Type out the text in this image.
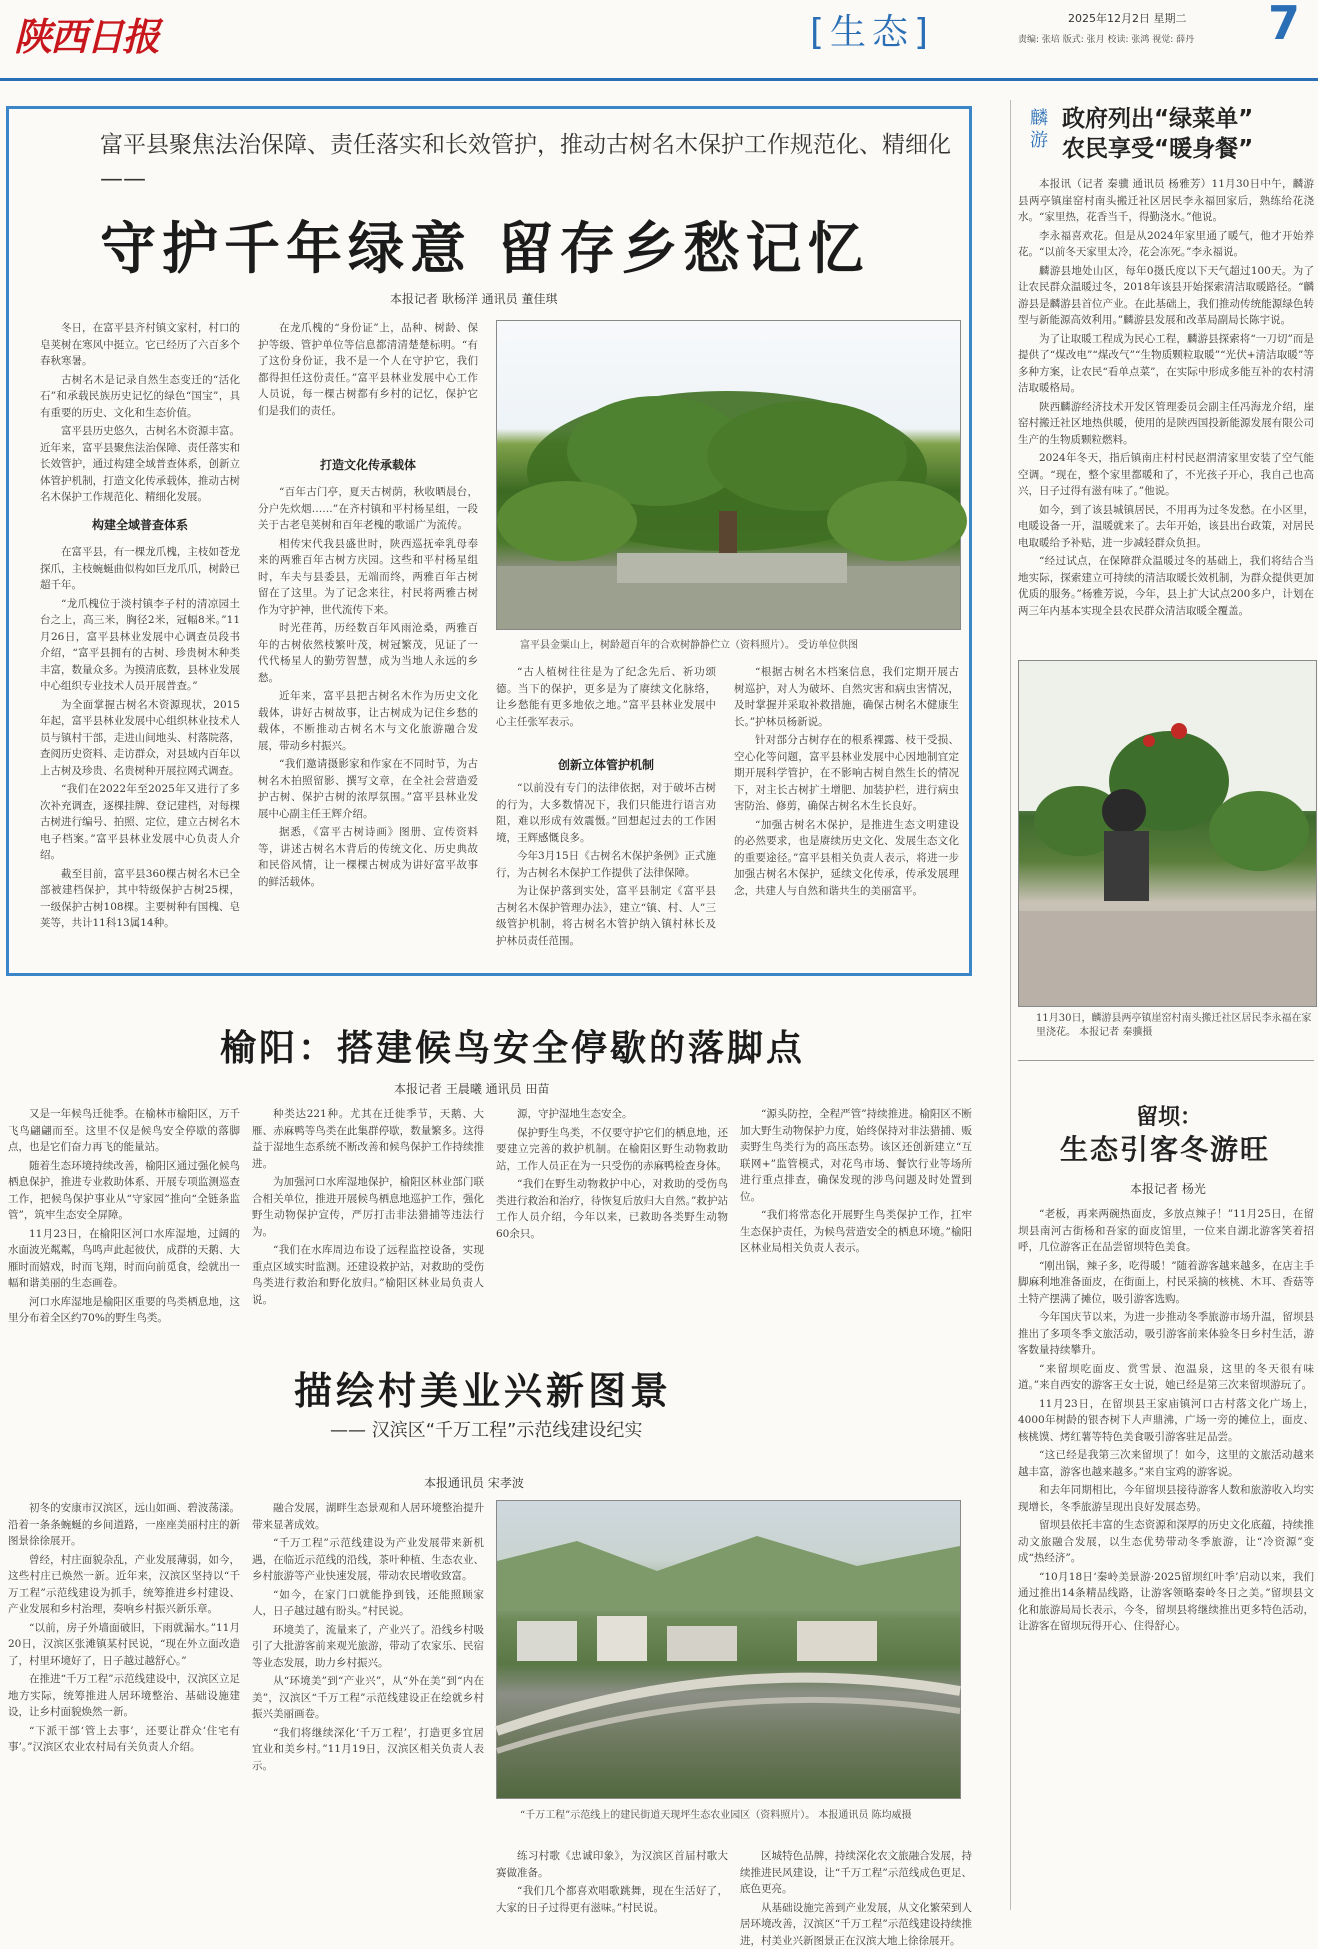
陕西日报	[生态]	2025年12月2日 星期二
责编: 张培 版式: 张月 校读: 张鸿 视觉: 薛丹 7
富平县聚焦法治保障、责任落实和长效管护，推动古树名木保护工作规范化、精细化 ——
守护千年绿意 留存乡愁记忆
本报记者 耿杨洋 通讯员 董佳琪

冬日，在富平县齐村镇文家村，村口的皂荚树在寒风中挺立。它已经历了六百多个春秋寒暑。

古树名木是记录自然生态变迁的“活化石”和承载民族历史记忆的绿色“国宝”，具有重要的历史、文化和生态价值。

富平县历史悠久，古树名木资源丰富。近年来，富平县聚焦法治保障、责任落实和长效管护，通过构建全域普查体系，创新立体管护机制，打造文化传承载体，推动古树名木保护工作规范化、精细化发展。

构建全域普查体系

在富平县，有一棵龙爪槐，主枝如苍龙探爪，主枝蜿蜒曲似构如巨龙爪爪，树龄已超千年。

“龙爪槐位于淡村镇李子村的清凉园土台之上，高三米，胸径2米，冠幅8米。”11月26日，富平县林业发展中心调查员段书介绍，“富平县拥有的古树、珍贵树木种类丰富，数量众多。为摸清底数，县林业发展中心组织专业技术人员开展普查。”

为全面掌握古树名木资源现状，2015年起，富平县林业发展中心组织林业技术人员与镇村干部，走进山间地头、村落院落，查阅历史资料、走访群众，对县域内百年以上古树及珍贵、名贵树种开展拉网式调查。

“我们在2022年至2025年又进行了多次补充调查，逐棵挂牌、登记建档，对每棵古树进行编号、拍照、定位，建立古树名木电子档案。”富平县林业发展中心负责人介绍。

截至目前，富平县360棵古树名木已全部被建档保护，其中特级保护古树25棵，一级保护古树108棵。主要树种有国槐、皂荚等，共计11科13属14种。

在龙爪槐的“身份证”上，品种、树龄、保护等级、管护单位等信息都清清楚楚标明。“有了这份身份证，我不是一个人在守护它，我们都得担任这份责任。”富平县林业发展中心工作人员说，每一棵古树都有乡村的记忆，保护它们是我们的责任。

打造文化传承载体

“百年古门亭，夏天古树荫，秋收晒晨台，分户先炊烟……”在齐村镇和平村杨星组，一段关于古老皂荚树和百年老槐的歌谣广为流传。

相传宋代我县盛世时，陕西巡抚牵乳母奉来的两雅百年古树方庆园。这些和平村杨星组时，车夫与县委县，无端而终，两雅百年古树留在了这里。为了记念来往，村民将两雅古树作为守护神，世代流传下来。

时光荏苒，历经数百年风雨沧桑，两雅百年的古树依然枝繁叶茂，树冠繁茂，见证了一代代杨星人的勤劳智慧，成为当地人永远的乡愁。

近年来，富平县把古树名木作为历史文化载体，讲好古树故事，让古树成为记住乡愁的载体，不断推动古树名木与文化旅游融合发展，带动乡村振兴。

“我们邀请摄影家和作家在不同时节，为古树名木拍照留影、撰写文章，在全社会营造爱护古树、保护古树的浓厚氛围。”富平县林业发展中心副主任王辉介绍。

据悉，《富平古树诗画》图册、宣传资料等，讲述古树名木背后的传统文化、历史典故和民俗风情，让一棵棵古树成为讲好富平故事的鲜活载体。

富平县金粟山上，树龄超百年的合欢树静静伫立（资料照片）。 受访单位供图

“古人植树往往是为了纪念先后、祈功颂德。当下的保护，更多是为了赓续文化脉络，让乡愁能有更多地依之地。”富平县林业发展中心主任张军表示。

创新立体管护机制

“以前没有专门的法律依据，对于破坏古树的行为，大多数情况下，我们只能进行语言劝阻，难以形成有效震慑。”回想起过去的工作困境，王辉感慨良多。

今年3月15日《古树名木保护条例》正式施行，为古树名木保护工作提供了法律保障。

为让保护落到实处，富平县制定《富平县古树名木保护管理办法》，建立“镇、村、人”三级管护机制，将古树名木管护纳入镇村林长及护林员责任范围。

“根据古树名木档案信息，我们定期开展古树巡护，对人为破坏、自然灾害和病虫害情况，及时掌握并采取补救措施，确保古树名木健康生长。”护林员杨新说。

针对部分古树存在的根系裸露、枝干受损、空心化等问题，富平县林业发展中心因地制宜定期开展科学管护，在不影响古树自然生长的情况下，对主长古树扩土增肥、加装护栏，进行病虫害防治、修剪，确保古树名木生长良好。

“加强古树名木保护，是推进生态文明建设的必然要求，也是赓续历史文化、发展生态文化的重要途径。”富平县相关负责人表示，将进一步加强古树名木保护，延续文化传承，传承发展理念，共建人与自然和谐共生的美丽富平。

榆阳：搭建候鸟安全停歇的落脚点
本报记者 王晨曦 通讯员 田苗

又是一年候鸟迁徙季。在榆林市榆阳区，万千飞鸟翩翩而至。这里不仅是候鸟安全停歇的落脚点，也是它们奋力再飞的能量站。

随着生态环境持续改善，榆阳区通过强化候鸟栖息保护，推进专业救助体系、开展专项监测巡查工作，把候鸟保护事业从“守家园”推向“全链条监管”，筑牢生态安全屏障。

11月23日，在榆阳区河口水库湿地，过阔的水面波光粼粼，鸟鸣声此起彼伏，成群的天鹅、大雁时而嬉戏，时而飞翔，时而向前觅食，绘就出一幅和谐美丽的生态画卷。

河口水库湿地是榆阳区重要的鸟类栖息地，这里分布着全区约70%的野生鸟类。

种类达221种。尤其在迁徙季节，天鹅、大雁、赤麻鸭等鸟类在此集群停歇，数量繁多。这得益于湿地生态系统不断改善和候鸟保护工作持续推进。

为加强河口水库湿地保护，榆阳区林业部门联合相关单位，推进开展候鸟栖息地巡护工作，强化野生动物保护宣传，严厉打击非法猎捕等违法行为。

“我们在水库周边布设了远程监控设备，实现重点区域实时监测。还建设救护站，对救助的受伤鸟类进行救治和野化放归。”榆阳区林业局负责人说。

源，守护湿地生态安全。

保护野生鸟类，不仅要守护它们的栖息地，还要建立完善的救护机制。在榆阳区野生动物救助站，工作人员正在为一只受伤的赤麻鸭检查身体。

“我们在野生动物救护中心，对救助的受伤鸟类进行救治和治疗，待恢复后放归大自然。”救护站工作人员介绍，今年以来，已救助各类野生动物60余只。

“源头防控，全程严管”持续推进。榆阳区不断加大野生动物保护力度，始终保持对非法猎捕、贩卖野生鸟类行为的高压态势。该区还创新建立“互联网+”监管模式，对花鸟市场、餐饮行业等场所进行重点排查，确保发现的涉鸟问题及时处置到位。

“我们将常态化开展野生鸟类保护工作，扛牢生态保护责任，为候鸟营造安全的栖息环境。”榆阳区林业局相关负责人表示。

描绘村美业兴新图景
—— 汉滨区“千万工程”示范线建设纪实
本报通讯员 宋孝波

初冬的安康市汉滨区，远山如画、碧波荡漾。沿着一条条蜿蜒的乡间道路，一座座美丽村庄的新图景徐徐展开。

曾经，村庄面貌杂乱，产业发展薄弱，如今，这些村庄已焕然一新。近年来，汉滨区坚持以“千万工程”示范线建设为抓手，统筹推进乡村建设、产业发展和乡村治理，奏响乡村振兴新乐章。

“以前，房子外墙面破旧，下雨就漏水。”11月20日，汉滨区张滩镇某村民说，“现在外立面改造了，村里环境好了，日子越过越舒心。”

在推进“千万工程”示范线建设中，汉滨区立足地方实际，统筹推进人居环境整治、基础设施建设，让乡村面貌焕然一新。

“下派干部‘管上去事’，还要让群众‘住宅有事’。”汉滨区农业农村局有关负责人介绍。

融合发展，湖畔生态景观和人居环境整治提升带来显著成效。

“千万工程”示范线建设为产业发展带来新机遇，在临近示范线的沿线，茶叶种植、生态农业、乡村旅游等产业快速发展，带动农民增收致富。

“如今，在家门口就能挣到钱，还能照顾家人，日子越过越有盼头。”村民说。

环境美了，流量来了，产业兴了。沿线乡村吸引了大批游客前来观光旅游，带动了农家乐、民宿等业态发展，助力乡村振兴。

从“环境美”到“产业兴”，从“外在美”到“内在美”，汉滨区“千万工程”示范线建设正在绘就乡村振兴美丽画卷。

“我们将继续深化‘千万工程’，打造更多宜居宜业和美乡村。”11月19日，汉滨区相关负责人表示。

“千万工程”示范线上的建民街道天现坪生态农业园区（资料照片）。 本报通讯员 陈均威摄

练习村歌《忠诚印象》，为汉滨区首届村歌大赛做准备。

“我们几个都喜欢唱歌跳舞，现在生活好了，大家的日子过得更有滋味。”村民说。

区城特色品牌，持续深化农文旅融合发展，持续推进民风建设，让“千万工程”示范线成色更足、底色更亮。

从基础设施完善到产业发展，从文化繁荣到人居环境改善，汉滨区“千万工程”示范线建设持续推进，村美业兴新图景正在汉滨大地上徐徐展开。

麟游
政府列出“绿菜单”
农民享受“暖身餐”

本报讯（记者 秦骥 通讯员 杨雅芳）11月30日中午，麟游县两亭镇崖窑村南头搬迁社区居民李永福回家后，熟练给花浇水。“家里热，花香当千，得勤浇水。”他说。

李永福喜欢花。但是从2024年家里通了暖气，他才开始养花。“以前冬天家里太冷，花会冻死。”李永福说。

麟游县地处山区，每年0摄氏度以下天气超过100天。为了让农民群众温暖过冬，2018年该县开始探索清洁取暖路径。“麟游县是麟游县首位产业。在此基础上，我们推动传统能源绿色转型与新能源高效利用。”麟游县发展和改革局副局长陈宇说。

为了让取暖工程成为民心工程，麟游县探索将“一刀切”而是提供了“煤改电”“煤改气”“生物质颗粒取暖”“光伏+清洁取暖”等多种方案，让农民“看单点菜”，在实际中形成多能互补的农村清洁取暖格局。

陕西麟游经济技术开发区管理委员会副主任冯海龙介绍，崖窑村搬迁社区地热供暖，使用的是陕西国投新能源发展有限公司生产的生物质颗粒燃料。

2024年冬天，指后镇南庄村村民赵渭清家里安装了空气能空调。“现在，整个家里都暖和了，不光孩子开心，我自己也高兴，日子过得有滋有味了。”他说。

如今，到了该县城镇居民，不用再为过冬发愁。在小区里，电暖设备一开，温暖就来了。去年开始，该县出台政策，对居民电取暖给予补贴，进一步减轻群众负担。

“经过试点，在保障群众温暖过冬的基础上，我们将结合当地实际，探索建立可持续的清洁取暖长效机制，为群众提供更加优质的服务。”杨雅芳说，今年，县上扩大试点200多户，计划在两三年内基本实现全县农民群众清洁取暖全覆盖。

11月30日，麟游县两亭镇崖窑村南头搬迁社区居民李永福在家里浇花。 本报记者 秦骥摄
留坝：
生态引客冬游旺
本报记者 杨光

“老板，再来两碗热面皮，多放点辣子！”11月25日，在留坝县南河古街杨和吾家的面皮馆里，一位来自湖北游客笑着招呼，几位游客正在品尝留坝特色美食。

“刚出锅，辣子多，吃得暖！”随着游客越来越多，在店主手脚麻利地准备面皮，在街面上，村民采摘的核桃、木耳、香菇等土特产摆满了摊位，吸引游客选购。

今年国庆节以来，为进一步推动冬季旅游市场升温，留坝县推出了多项冬季文旅活动，吸引游客前来体验冬日乡村生活，游客数量持续攀升。

“来留坝吃面皮、赏雪景、泡温泉，这里的冬天很有味道。”来自西安的游客王女士说，她已经是第三次来留坝游玩了。

11月23日，在留坝县王家庙镇河口古村落文化广场上，4000年树龄的银杏树下人声鼎沸，广场一旁的摊位上，面皮、核桃馍、烤红薯等特色美食吸引游客驻足品尝。

“这已经是我第三次来留坝了！如今，这里的文旅活动越来越丰富，游客也越来越多。”来自宝鸡的游客说。

和去年同期相比，今年留坝县接待游客人数和旅游收入均实现增长，冬季旅游呈现出良好发展态势。

留坝县依托丰富的生态资源和深厚的历史文化底蕴，持续推动文旅融合发展，以生态优势带动冬季旅游，让“冷资源”变成“热经济”。

“10月18日‘秦岭美景游·2025留坝红叶季’启动以来，我们通过推出14条精品线路，让游客领略秦岭冬日之美。”留坝县文化和旅游局局长表示，今冬，留坝县将继续推出更多特色活动，让游客在留坝玩得开心、住得舒心。
